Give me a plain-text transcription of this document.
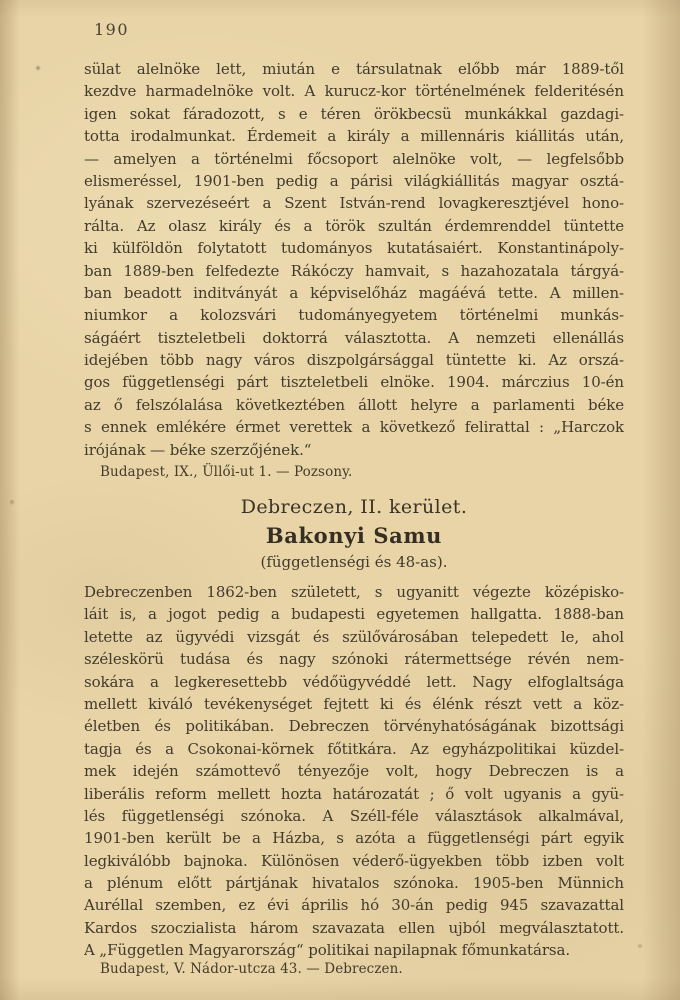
190
sülat alelnöke lett, miután e társulatnak előbb már 1889-től
kezdve harmadelnöke volt. A kurucz-kor történelmének felderitésén
igen sokat fáradozott, s e téren örökbecsü munkákkal gazdagi-
totta irodalmunkat. Érdemeit a király a millennáris kiállitás után,
— amelyen a történelmi főcsoport alelnöke volt, — legfelsőbb
elismeréssel, 1901-ben pedig a párisi világkiállitás magyar osztá-
lyának szervezéseért a Szent István-rend lovagkeresztjével hono-
rálta. Az olasz király és a török szultán érdemrenddel tüntette
ki külföldön folytatott tudományos kutatásaiért. Konstantinápoly-
ban 1889-ben felfedezte Rákóczy hamvait, s hazahozatala tárgyá-
ban beadott inditványát a képviselőház magáévá tette. A millen-
niumkor a kolozsvári tudományegyetem történelmi munkás-
ságáért tiszteletbeli doktorrá választotta. A nemzeti ellenállás
idejében több nagy város diszpolgársággal tüntette ki. Az orszá-
gos függetlenségi párt tiszteletbeli elnöke. 1904. márczius 10-én
az ő felszólalása következtében állott helyre a parlamenti béke
s ennek emlékére érmet verettek a következő felirattal : „Harczok
irójának — béke szerzőjének.“
Budapest, IX., Üllői-ut 1. — Pozsony.
Debreczen, II. kerület.
Bakonyi Samu
(függetlenségi és 48-as).
Debreczenben 1862-ben született, s ugyanitt végezte középisko-
láit is, a jogot pedig a budapesti egyetemen hallgatta. 1888-ban
letette az ügyvédi vizsgát és szülővárosában telepedett le, ahol
széleskörü tudása és nagy szónoki rátermettsége révén nem-
sokára a legkeresettebb védőügyvéddé lett. Nagy elfoglaltsága
mellett kiváló tevékenységet fejtett ki és élénk részt vett a köz-
életben és politikában. Debreczen törvényhatóságának bizottsági
tagja és a Csokonai-körnek főtitkára. Az egyházpolitikai küzdel-
mek idején számottevő tényezője volt, hogy Debreczen is a
liberális reform mellett hozta határozatát ; ő volt ugyanis a gyü-
lés függetlenségi szónoka. A Széll-féle választások alkalmával,
1901-ben került be a Házba, s azóta a függetlenségi párt egyik
legkiválóbb bajnoka. Különösen véderő-ügyekben több izben volt
a plénum előtt pártjának hivatalos szónoka. 1905-ben Münnich
Auréllal szemben, ez évi április hó 30-án pedig 945 szavazattal
Kardos szoczialista három szavazata ellen ujból megválasztatott.
A „Független Magyarország“ politikai napilapnak főmunkatársa.
Budapest, V. Nádor-utcza 43. — Debreczen.
